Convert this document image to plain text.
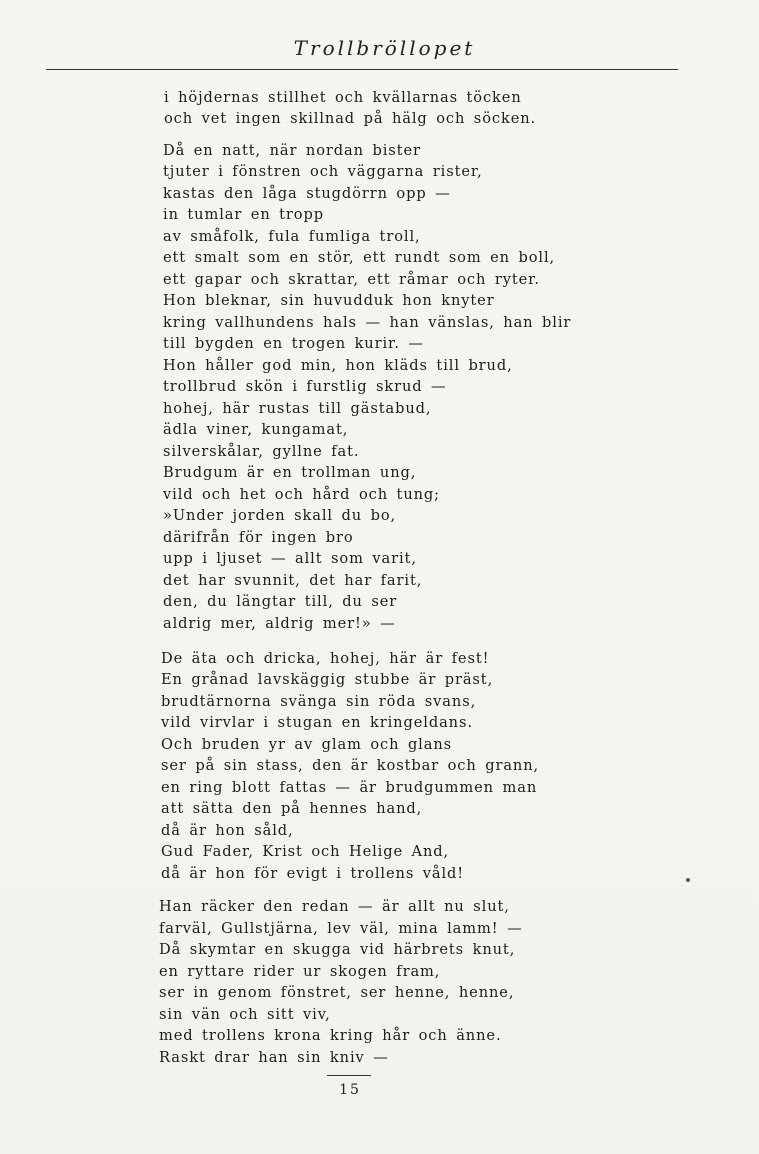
Trollbröllopet
i höjdernas stillhet och kvällarnas töcken
och vet ingen skillnad på hälg och söcken.
Då en natt, när nordan bister
tjuter i fönstren och väggarna rister,
kastas den låga stugdörrn opp —
in tumlar en tropp
av småfolk, fula fumliga troll,
ett smalt som en stör, ett rundt som en boll,
ett gapar och skrattar, ett råmar och ryter.
Hon bleknar, sin huvudduk hon knyter
kring vallhundens hals — han vänslas, han blir
till bygden en trogen kurir. —
Hon håller god min, hon kläds till brud,
trollbrud skön i furstlig skrud —
hohej, här rustas till gästabud,
ädla viner, kungamat,
silverskålar, gyllne fat.
Brudgum är en trollman ung,
vild och het och hård och tung;
»Under jorden skall du bo,
därifrån för ingen bro
upp i ljuset — allt som varit,
det har svunnit, det har farit,
den, du längtar till, du ser
aldrig mer, aldrig mer!» —
De äta och dricka, hohej, här är fest!
En grånad lavskäggig stubbe är präst,
brudtärnorna svänga sin röda svans,
vild virvlar i stugan en kringeldans.
Och bruden yr av glam och glans
ser på sin stass, den är kostbar och grann,
en ring blott fattas — är brudgummen man
att sätta den på hennes hand,
då är hon såld,
Gud Fader, Krist och Helige And,
då är hon för evigt i trollens våld!
Han räcker den redan — är allt nu slut,
farväl, Gullstjärna, lev väl, mina lamm! —
Då skymtar en skugga vid härbrets knut,
en ryttare rider ur skogen fram,
ser in genom fönstret, ser henne, henne,
sin vän och sitt viv,
med trollens krona kring hår och änne.
Raskt drar han sin kniv —
15
